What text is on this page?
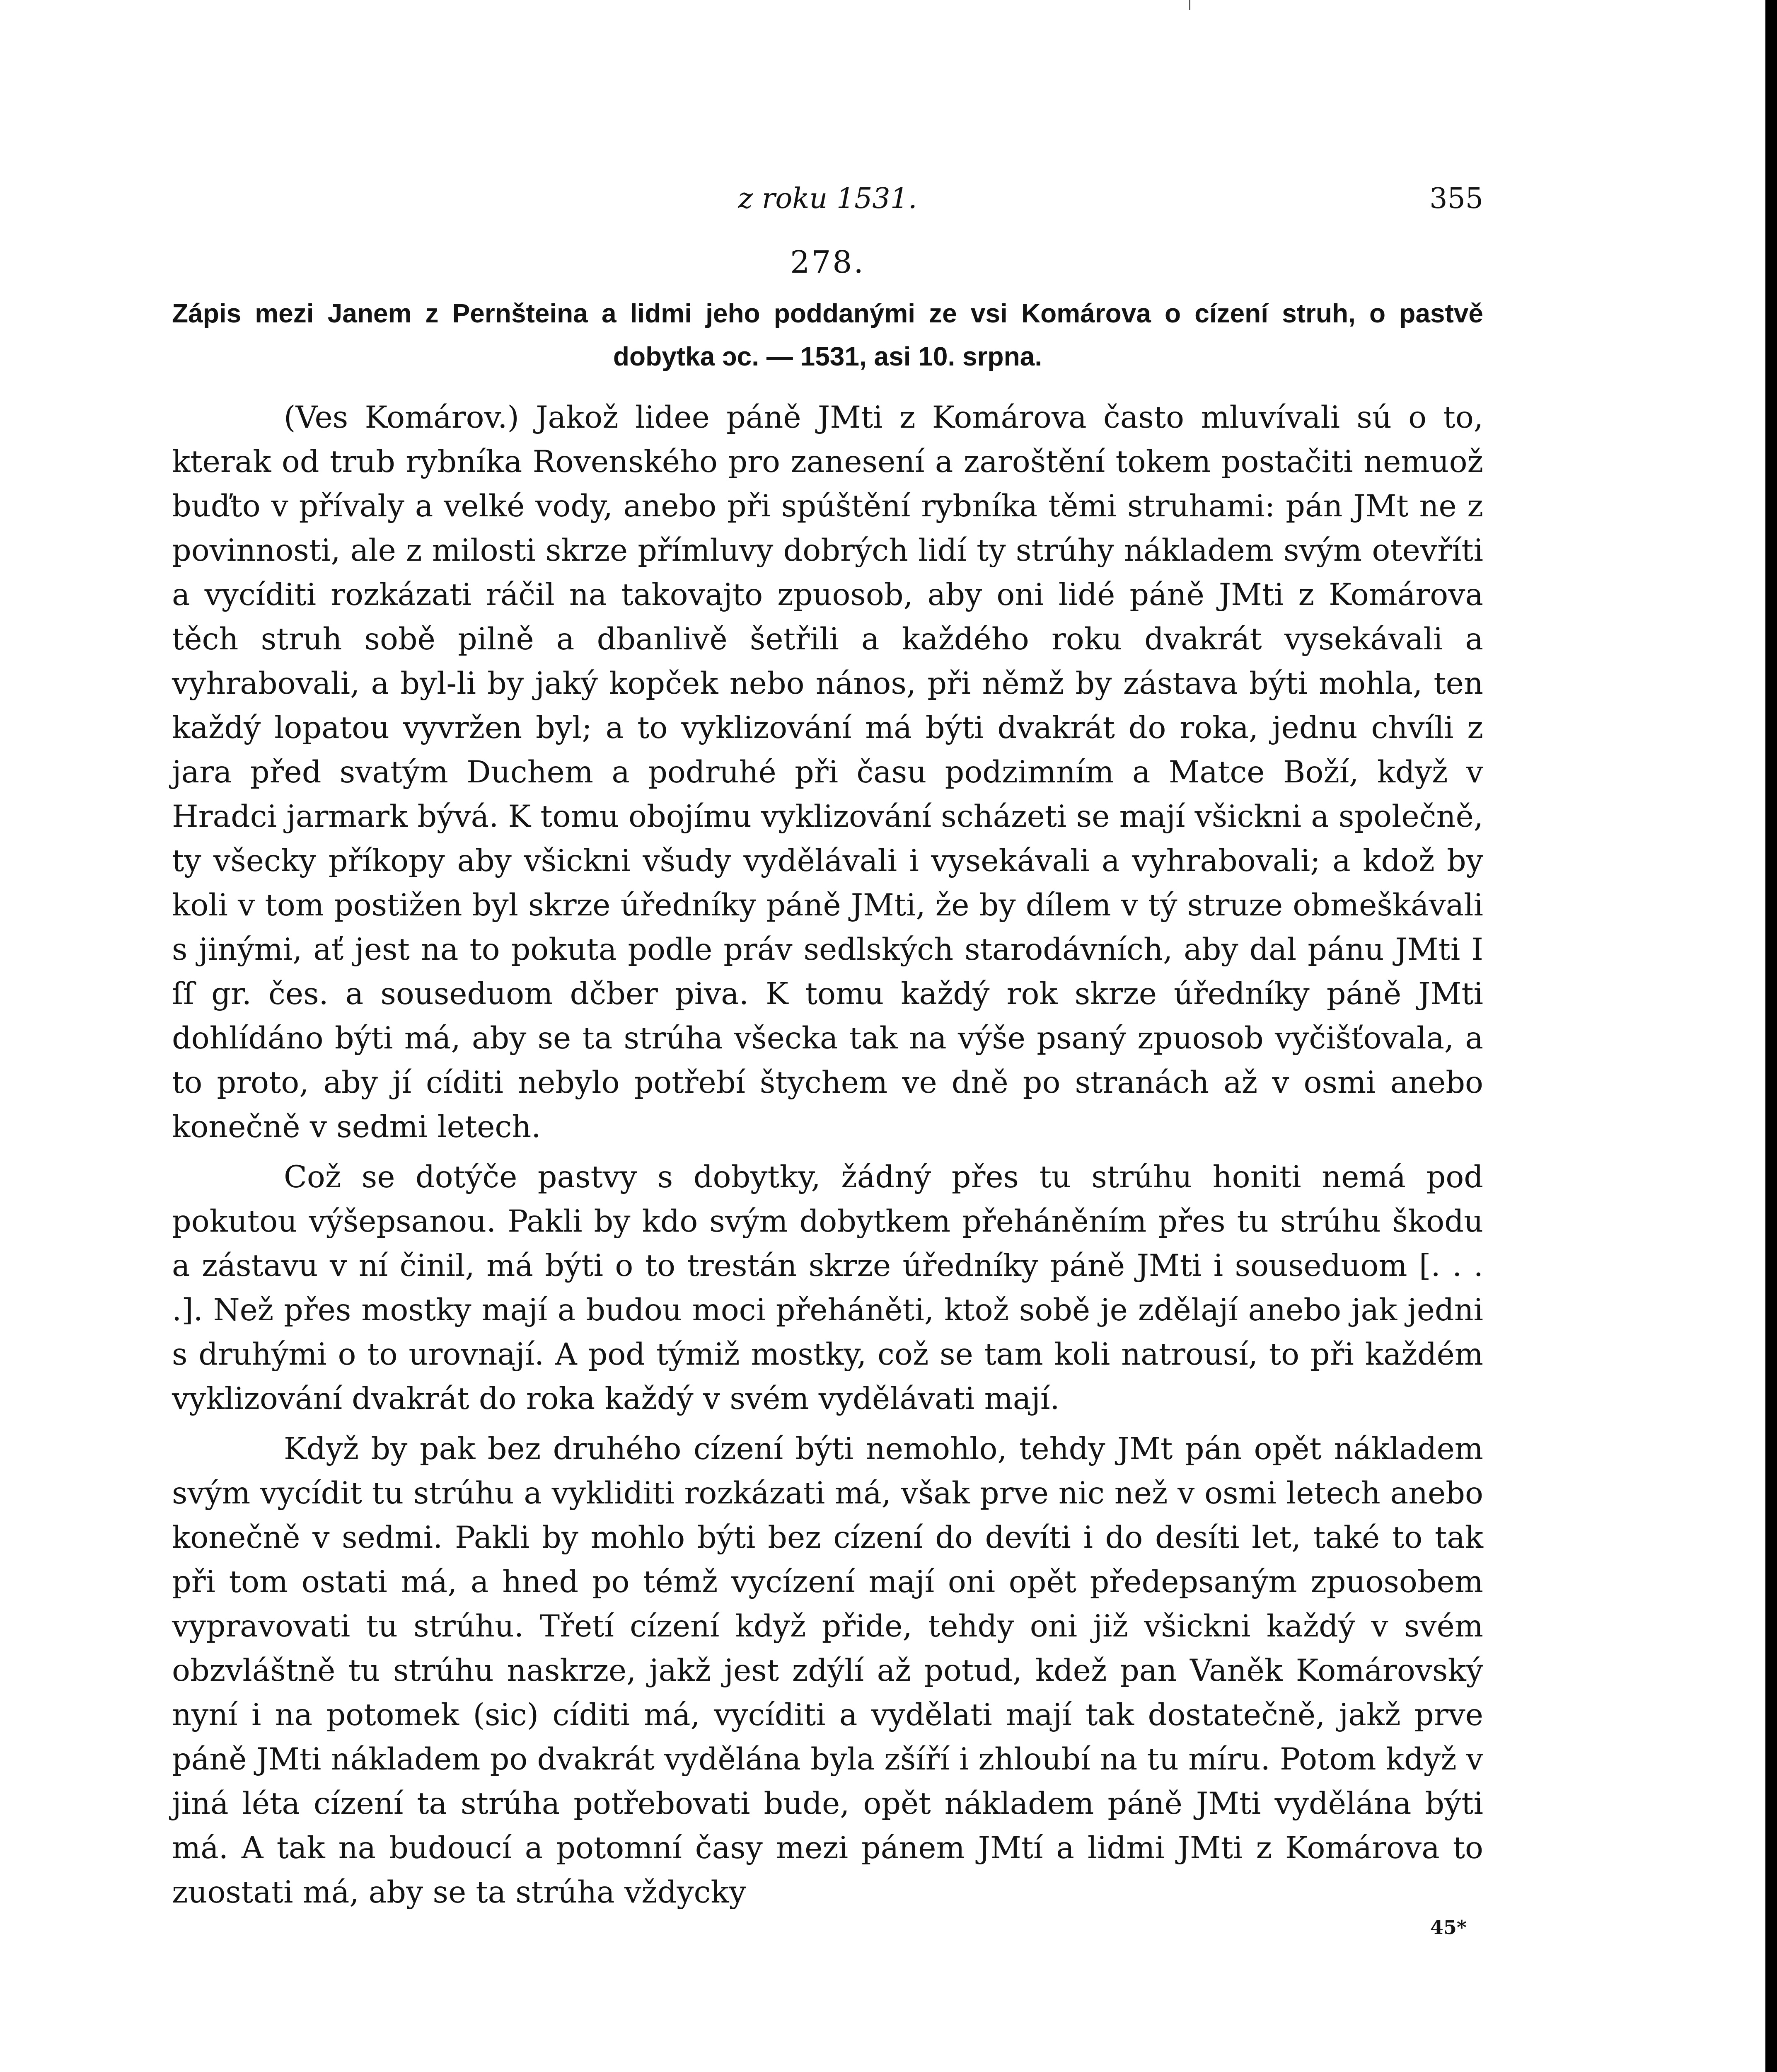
z roku 1531.	355
278.
Zápis mezi Janem z Pernšteina a lidmi jeho poddanými ze vsi Komárova o cízení struh, o pastvě dobytka ɔc. — 1531, asi 10. srpna.

(Ves Komárov.) Jakož lidee páně JMti z Komárova často mluvívali sú o to, kterak od trub rybníka Rovenského pro zanesení a zaroštění tokem postačiti nemuož buďto v přívaly a velké vody, anebo při spúštění rybníka těmi struhami: pán JMt ne z povinnosti, ale z milosti skrze přímluvy dobrých lidí ty strúhy nákladem svým otevříti a vycíditi rozkázati ráčil na takovajto zpuosob, aby oni lidé páně JMti z Komárova těch struh sobě pilně a dbanlivě šetřili a každého roku dvakrát vysekávali a vyhrabovali, a byl-li by jaký kopček nebo nános, při němž by zástava býti mohla, ten každý lopatou vyvržen byl; a to vyklizování má býti dvakrát do roka, jednu chvíli z jara před svatým Duchem a podruhé při času podzimním a Matce Boží, když v Hradci jarmark bývá. K tomu obojímu vyklizování scházeti se mají všickni a společně, ty všecky příkopy aby všickni všudy vydělávali i vysekávali a vyhrabovali; a kdož by koli v tom postižen byl skrze úředníky páně JMti, že by dílem v tý struze obmeškávali s jinými, ať jest na to pokuta podle práv sedlských starodávních, aby dal pánu JMti I ſſ gr. čes. a souseduom dčber piva. K tomu každý rok skrze úředníky páně JMti dohlídáno býti má, aby se ta strúha všecka tak na výše psaný zpuosob vyčišťovala, a to proto, aby jí cíditi nebylo potřebí štychem ve dně po stranách až v osmi anebo konečně v sedmi letech.

Což se dotýče pastvy s dobytky, žádný přes tu strúhu honiti nemá pod pokutou výšepsanou. Pakli by kdo svým dobytkem přeháněním přes tu strúhu škodu a zástavu v ní činil, má býti o to trestán skrze úředníky páně JMti i souseduom [. . . .]. Než přes mostky mají a budou moci přeháněti, ktož sobě je zdělají anebo jak jedni s druhými o to urovnají. A pod týmiž mostky, což se tam koli natrousí, to při každém vyklizování dvakrát do roka každý v svém vydělávati mají.

Když by pak bez druhého cízení býti nemohlo, tehdy JMt pán opět nákladem svým vycídit tu strúhu a vykliditi rozkázati má, však prve nic než v osmi letech anebo konečně v sedmi. Pakli by mohlo býti bez cízení do devíti i do desíti let, také to tak při tom ostati má, a hned po témž vycízení mají oni opět předepsaným zpuosobem vypravovati tu strúhu. Třetí cízení když přide, tehdy oni již všickni každý v svém obzvláštně tu strúhu naskrze, jakž jest zdýlí až potud, kdež pan Vaněk Komárovský nyní i na potomek (sic) cíditi má, vycíditi a vydělati mají tak dostatečně, jakž prve páně JMti nákladem po dvakrát vydělána byla zšíří i zhloubí na tu míru. Potom když v jiná léta cízení ta strúha potřebovati bude, opět nákladem páně JMti vydělána býti má. A tak na budoucí a potomní časy mezi pánem JMtí a lidmi JMti z Komárova to zuostati má, aby se ta strúha vždycky

45*
